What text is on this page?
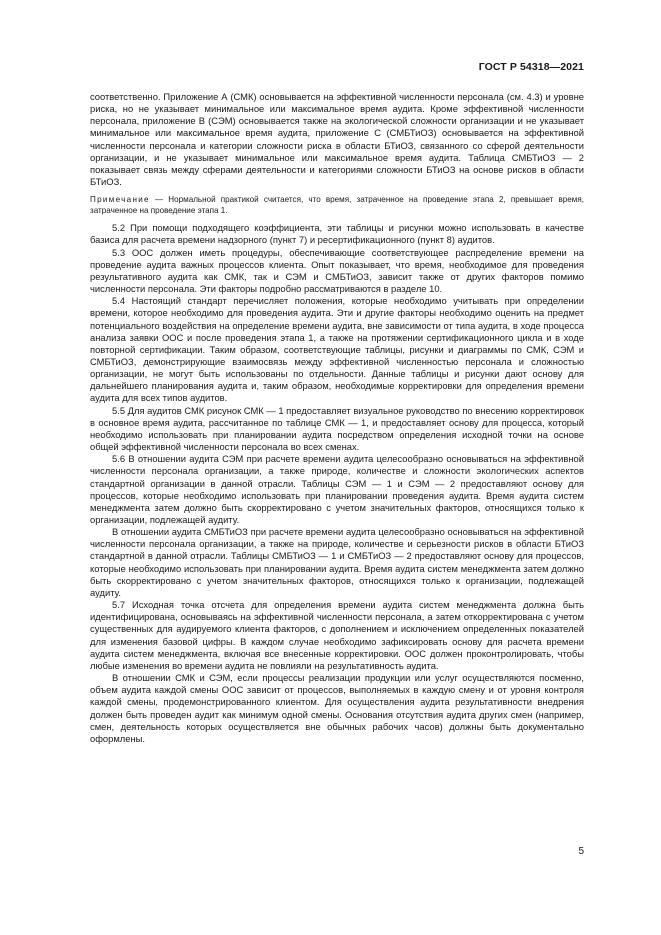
ГОСТ Р 54318—2021

соответственно. Приложение А (СМК) основывается на эффективной численности персонала (см. 4.3) и уровне риска, но не указывает минимальное или максимальное время аудита. Кроме эффективной численности персонала, приложение В (СЭМ) основывается также на экологической сложности организации и не указывает минимальное или максимальное время аудита, приложение С (СМБТиОЗ) основывается на эффективной численности персонала и категории сложности риска в области БТиОЗ, связанного со сферой деятельности организации, и не указывает минимальное или максимальное время аудита. Таблица СМБТиОЗ — 2 показывает связь между сферами деятельности и категориями сложности БТиОЗ на основе рисков в области БТиОЗ.

Примечание — Нормальной практикой считается, что время, затраченное на проведение этапа 2, превышает время, затраченное на проведение этапа 1.

5.2 При помощи подходящего коэффициента, эти таблицы и рисунки можно использовать в качестве базиса для расчета времени надзорного (пункт 7) и ресертификационного (пункт 8) аудитов.

5.3 ООС должен иметь процедуры, обеспечивающие соответствующее распределение времени на проведение аудита важных процессов клиента. Опыт показывает, что время, необходимое для проведения результативного аудита как СМК, так и СЭМ и СМБТиОЗ, зависит также от других факторов помимо численности персонала. Эти факторы подробно рассматриваются в разделе 10.

5.4 Настоящий стандарт перечисляет положения, которые необходимо учитывать при определении времени, которое необходимо для проведения аудита. Эти и другие факторы необходимо оценить на предмет потенциального воздействия на определение времени аудита, вне зависимости от типа аудита, в ходе процесса анализа заявки ООС и после проведения этапа 1, а также на протяжении сертификационного цикла и в ходе повторной сертификации. Таким образом, соответствующие таблицы, рисунки и диаграммы по СМК, СЭМ и СМБТиОЗ, демонстрирующие взаимосвязь между эффективной численностью персонала и сложностью организации, не могут быть использованы по отдельности. Данные таблицы и рисунки дают основу для дальнейшего планирования аудита и, таким образом, необходимые корректировки для определения времени аудита для всех типов аудитов.

5.5 Для аудитов СМК рисунок СМК — 1 предоставляет визуальное руководство по внесению корректировок в основное время аудита, рассчитанное по таблице СМК — 1, и предоставляет основу для процесса, который необходимо использовать при планировании аудита посредством определения исходной точки на основе общей эффективной численности персонала во всех сменах.

5.6 В отношении аудита СЭМ при расчете времени аудита целесообразно основываться на эффективной численности персонала организации, а также природе, количестве и сложности экологических аспектов стандартной организации в данной отрасли. Таблицы СЭМ — 1 и СЭМ — 2 предоставляют основу для процессов, которые необходимо использовать при планировании проведения аудита. Время аудита систем менеджмента затем должно быть скорректировано с учетом значительных факторов, относящихся только к организации, подлежащей аудиту.

В отношении аудита СМБТиОЗ при расчете времени аудита целесообразно основываться на эффективной численности персонала организации, а также на природе, количестве и серьезности рисков в области БТиОЗ стандартной в данной отрасли. Таблицы СМБТиОЗ — 1 и СМБТиОЗ — 2 предоставляют основу для процессов, которые необходимо использовать при планировании аудита. Время аудита систем менеджмента затем должно быть скорректировано с учетом значительных факторов, относящихся только к организации, подлежащей аудиту.

5.7 Исходная точка отсчета для определения времени аудита систем менеджмента должна быть идентифицирована, основываясь на эффективной численности персонала, а затем откорректирована с учетом существенных для аудируемого клиента факторов, с дополнением и исключением определенных показателей для изменения базовой цифры. В каждом случае необходимо зафиксировать основу для расчета времени аудита систем менеджмента, включая все внесенные корректировки. ООС должен проконтролировать, чтобы любые изменения во времени аудита не повлияли на результативность аудита.

В отношении СМК и СЭМ, если процессы реализации продукции или услуг осуществляются посменно, объем аудита каждой смены ООС зависит от процессов, выполняемых в каждую смену и от уровня контроля каждой смены, продемонстрированного клиентом. Для осуществления аудита результативности внедрения должен быть проведен аудит как минимум одной смены. Основания отсутствия аудита других смен (например, смен, деятельность которых осуществляется вне обычных рабочих часов) должны быть документально оформлены.

5
